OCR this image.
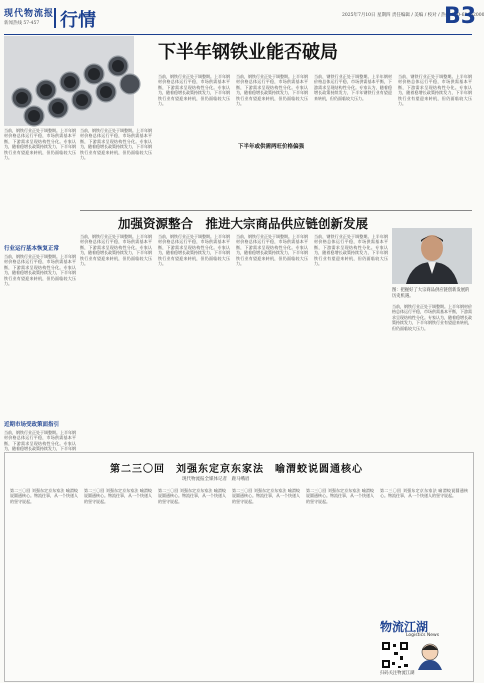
现代物流报
新闻热线 57-457 行情	2025年7月10日 星期四 责任编辑 / 美编 / 校对 / 热线 010-63452000
B3
下半年钢铁业能否破局
当前，钢铁行业正处于调整期。上半年钢材价格总体运行平稳，市场供需基本平衡，下游需求呈现结构性分化。专家认为，随着稳增长政策持续发力，下半年钢铁行业有望迎来转机，但仍面临较大压力。
行业运行基本恢复正常
当前，钢铁行业正处于调整期。上半年钢材价格总体运行平稳，市场供需基本平衡，下游需求呈现结构性分化。专家认为，随着稳增长政策持续发力，下半年钢铁行业有望迎来转机，但仍面临较大压力。
近期市场受政策面指引
当前，钢铁行业正处于调整期。上半年钢材价格总体运行平稳，市场供需基本平衡，下游需求呈现结构性分化。专家认为，随着稳增长政策持续发力，下半年钢
当前，钢铁行业正处于调整期。上半年钢材价格总体运行平稳，市场供需基本平衡，下游需求呈现结构性分化。专家认为，随着稳增长政策持续发力，下半年钢铁行业有望迎来转机，但仍面临较大压力。
当前，钢铁行业正处于调整期。上半年钢材价格总体运行平稳，市场供需基本平衡，下游需求呈现结构性分化。专家认为，随着稳增长政策持续发力，下半年钢铁行业有望迎来转机，但仍面临较大压力。
当前，钢铁行业正处于调整期。上半年钢材价格总体运行平稳，市场供需基本平衡，下游需求呈现结构性分化。专家认为，随着稳增长政策持续发力，下半年钢铁行业有望迎来转机，但仍面临较大压力。
当前，钢铁行业正处于调整期。上半年钢材价格总体运行平稳，市场供需基本平衡，下游需求呈现结构性分化。专家认为，随着稳增长政策持续发力，下半年钢铁行业有望迎来转机，但仍面临较大压力。
下半年或供需两旺价格偏强
当前，钢铁行业正处于调整期。上半年钢材价格总体运行平稳，市场供需基本平衡，下游需求呈现结构性分化。专家认为，随着稳增长政策持续发力，下半年钢铁行业有望迎来转机，但仍面临较大压力。
加强资源整合　推进大宗商品供应链创新发展
图：把握好了大宗商品供应链创新发展的历史机遇。
当前，钢铁行业正处于调整期。上半年钢材价格总体运行平稳，市场供需基本平衡，下游需求呈现结构性分化。专家认为，随着稳增长政策持续发力，下半年钢铁行业有望迎来转机，但仍面临较大压力。
当前，钢铁行业正处于调整期。上半年钢材价格总体运行平稳，市场供需基本平衡，下游需求呈现结构性分化。专家认为，随着稳增长政策持续发力，下半年钢铁行业有望迎来转机，但仍面临较大压力。
当前，钢铁行业正处于调整期。上半年钢材价格总体运行平稳，市场供需基本平衡，下游需求呈现结构性分化。专家认为，随着稳增长政策持续发力，下半年钢铁行业有望迎来转机，但仍面临较大压力。
当前，钢铁行业正处于调整期。上半年钢材价格总体运行平稳，市场供需基本平衡，下游需求呈现结构性分化。专家认为，随着稳增长政策持续发力，下半年钢铁行业有望迎来转机，但仍面临较大压力。
当前，钢铁行业正处于调整期。上半年钢材价格总体运行平稳，市场供需基本平衡，下游需求呈现结构性分化。专家认为，随着稳增长政策持续发力，下半年钢铁行业有望迎来转机，但仍面临较大压力。
第二三〇回　刘强东定京东家法　喻渭蛟说圆通核心
现代物流报全媒体记者　鹿马峨眉
第二三〇回 刘强东定京东家法 喻渭蛟说圆通核心。物流往事，从一个快递人的坚守说起。
第二三〇回 刘强东定京东家法 喻渭蛟说圆通核心。物流往事，从一个快递人的坚守说起。
第二三〇回 刘强东定京东家法 喻渭蛟说圆通核心。物流往事，从一个快递人的坚守说起。
第二三〇回 刘强东定京东家法 喻渭蛟说圆通核心。物流往事，从一个快递人的坚守说起。
第二三〇回 刘强东定京东家法 喻渭蛟说圆通核心。物流往事，从一个快递人的坚守说起。
第二三〇回 刘强东定京东家法 喻渭蛟说圆通核心。物流往事，从一个快递人的坚守说起。
物流江湖
Logistics News
扫码关注物流江湖
